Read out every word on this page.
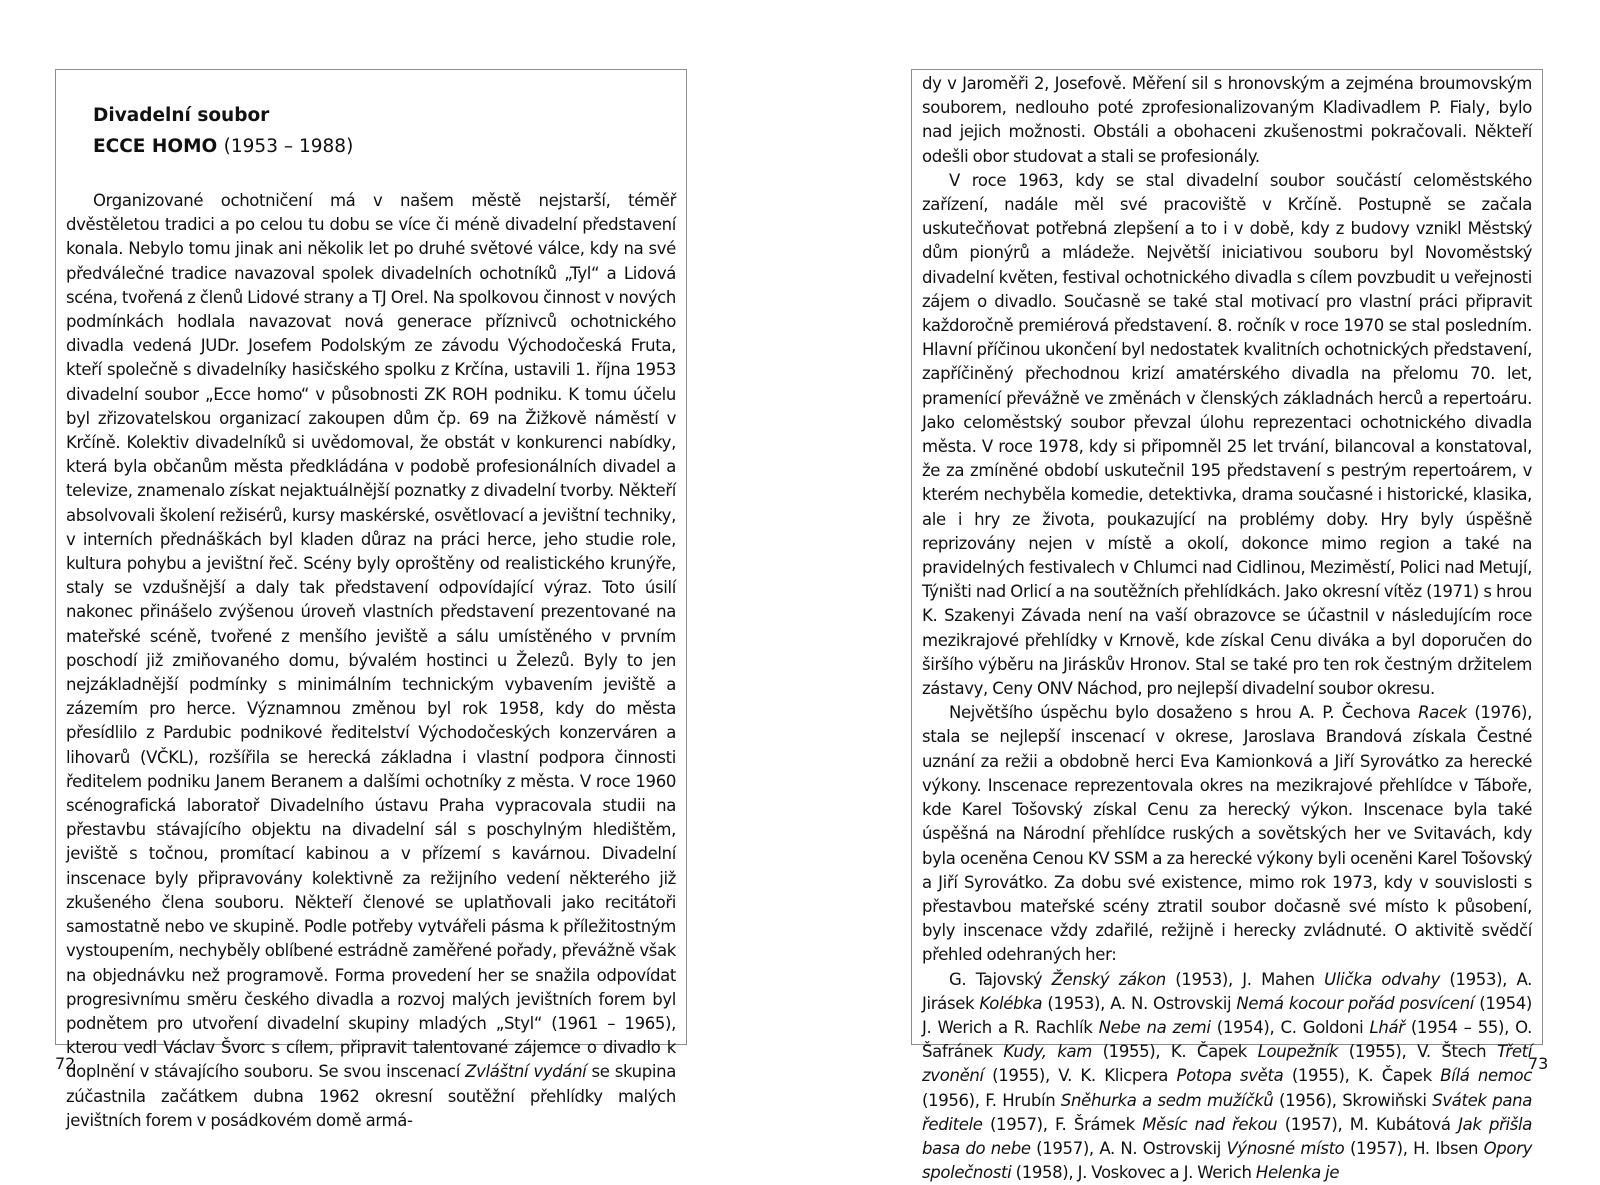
Divadelní soubor
ECCE HOMO (1953 – 1988)

Organizované ochotničení má v našem městě nejstarší, téměř dvěstěletou tradici a po celou tu dobu se více či méně divadelní představení konala. Nebylo tomu jinak ani několik let po druhé světové válce, kdy na své předválečné tradice navazoval spolek divadelních ochotníků „Tyl“ a Lidová scéna, tvořená z členů Lidové strany a TJ Orel. Na spolkovou činnost v nových podmínkách hodlala navazovat nová generace příznivců ochotnického divadla vedená JUDr. Josefem Podolským ze závodu Východočeská Fruta, kteří společně s divadelníky hasičského spolku z Krčína, ustavili 1. října 1953 divadelní soubor „Ecce homo“ v působnosti ZK ROH podniku. K tomu účelu byl zřizovatelskou organizací zakoupen dům čp. 69 na Žižkově náměstí v Krčíně. Kolektiv divadelníků si uvědomoval, že obstát v konkurenci nabídky, která byla občanům města předkládána v podobě profesionálních divadel a televize, znamenalo získat nejaktuálnější poznatky z divadelní tvorby. Někteří absolvovali školení režisérů, kursy maskérské, osvětlovací a jevištní techniky, v interních přednáškách byl kladen důraz na práci herce, jeho studie role, kultura pohybu a jevištní řeč. Scény byly oproštěny od realistického krunýře, staly se vzdušnější a daly tak představení odpovídající výraz. Toto úsilí nakonec přinášelo zvýšenou úroveň vlastních představení prezentované na mateřské scéně, tvořené z menšího jeviště a sálu umístěného v prvním poschodí již zmiňovaného domu, bývalém hostinci u Železů. Byly to jen nejzákladnější podmínky s minimálním technickým vybavením jeviště a zázemím pro herce. Významnou změnou byl rok 1958, kdy do města přesídlilo z Pardubic podnikové ředitelství Východočeských konzerváren a lihovarů (VČKL), rozšířila se herecká základna i vlastní podpora činnosti ředitelem podniku Janem Beranem a dalšími ochotníky z města. V roce 1960 scénografická laboratoř Divadelního ústavu Praha vypracovala studii na přestavbu stávajícího objektu na divadelní sál s poschylným hledištěm, jeviště s točnou, promítací kabinou a v přízemí s kavárnou. Divadelní inscenace byly připravovány kolektivně za režijního vedení některého již zkušeného člena souboru. Někteří členové se uplatňovali jako recitátoři samostatně nebo ve skupině. Podle potřeby vytvářeli pásma k příležitostným vystoupením, nechyběly oblíbené estrádně zaměřené pořady, převážně však na objednávku než programově. Forma provedení her se snažila odpovídat progresivnímu směru českého divadla a rozvoj malých jevištních forem byl podnětem pro utvoření divadelní skupiny mladých „Styl“ (1961 – 1965), kterou vedl Václav Švorc s cílem, připravit talentované zájemce o divadlo k doplnění v stávajícího souboru. Se svou inscenací Zvláštní vydání se skupina zúčastnila začátkem dubna 1962 okresní soutěžní přehlídky malých jevištních forem v posádkovém domě armá-

dy v Jaroměři 2, Josefově. Měření sil s hronovským a zejména broumovským souborem, nedlouho poté zprofesionalizovaným Kladivadlem P. Fialy, bylo nad jejich možnosti. Obstáli a obohaceni zkušenostmi pokračovali. Někteří odešli obor studovat a stali se profesionály.

V roce 1963, kdy se stal divadelní soubor součástí celoměstského zařízení, nadále měl své pracoviště v Krčíně. Postupně se začala uskutečňovat potřebná zlepšení a to i v době, kdy z budovy vznikl Městský dům pionýrů a mládeže. Největší iniciativou souboru byl Novoměstský divadelní květen, festival ochotnického divadla s cílem povzbudit u veřejnosti zájem o divadlo. Současně se také stal motivací pro vlastní práci připravit každoročně premiérová představení. 8. ročník v roce 1970 se stal posledním. Hlavní příčinou ukončení byl nedostatek kvalitních ochotnických představení, zapříčiněný přechodnou krizí amatérského divadla na přelomu 70. let, pramenící převážně ve změnách v členských základnách herců a repertoáru. Jako celoměstský soubor převzal úlohu reprezentaci ochotnického divadla města. V roce 1978, kdy si připomněl 25 let trvání, bilancoval a konstatoval, že za zmíněné období uskutečnil 195 představení s pestrým repertoárem, v kterém nechyběla komedie, detektivka, drama současné i historické, klasika, ale i hry ze života, poukazující na problémy doby. Hry byly úspěšně reprizovány nejen v místě a okolí, dokonce mimo region a také na pravidelných festivalech v Chlumci nad Cidlinou, Meziměstí, Polici nad Metují, Týništi nad Orlicí a na soutěžních přehlídkách. Jako okresní vítěz (1971) s hrou K. Szakenyi Závada není na vaší obrazovce se účastnil v následujícím roce mezikrajové přehlídky v Krnově, kde získal Cenu diváka a byl doporučen do širšího výběru na Jiráskův Hronov. Stal se také pro ten rok čestným držitelem zástavy, Ceny ONV Náchod, pro nejlepší divadelní soubor okresu.

Největšího úspěchu bylo dosaženo s hrou A. P. Čechova Racek (1976), stala se nejlepší inscenací v okrese, Jaroslava Brandová získala Čestné uznání za režii a obdobně herci Eva Kamionková a Jiří Syrovátko za herecké výkony. Inscenace reprezentovala okres na mezikrajové přehlídce v Táboře, kde Karel Tošovský získal Cenu za herecký výkon. Inscenace byla také úspěšná na Národní přehlídce ruských a sovětských her ve Svitavách, kdy byla oceněna Cenou KV SSM a za herecké výkony byli oceněni Karel Tošovský a Jiří Syrovátko. Za dobu své existence, mimo rok 1973, kdy v souvislosti s přestavbou mateřské scény ztratil soubor dočasně své místo k působení, byly inscenace vždy zdařilé, režijně i herecky zvládnuté. O aktivitě svědčí přehled odehraných her:

G. Tajovský Ženský zákon (1953), J. Mahen Ulička odvahy (1953), A. Jirásek Kolébka (1953), A. N. Ostrovskij Nemá kocour pořád posvícení (1954) J. Werich a R. Rachlík Nebe na zemi (1954), C. Goldoni Lhář (1954 – 55), O. Šafránek Kudy, kam (1955), K. Čapek Loupežník (1955), V. Štech Třetí zvonění (1955), V. K. Klicpera Potopa světa (1955), K. Čapek Bílá nemoc (1956), F. Hrubín Sněhurka a sedm mužíčků (1956), Skrowiňski Svátek pana ředitele (1957), F. Šrámek Měsíc nad řekou (1957), M. Kubátová Jak přišla basa do nebe (1957), A. N. Ostrovskij Výnosné místo (1957), H. Ibsen Opory společnosti (1958), J. Voskovec a J. Werich Helenka je

72	73
